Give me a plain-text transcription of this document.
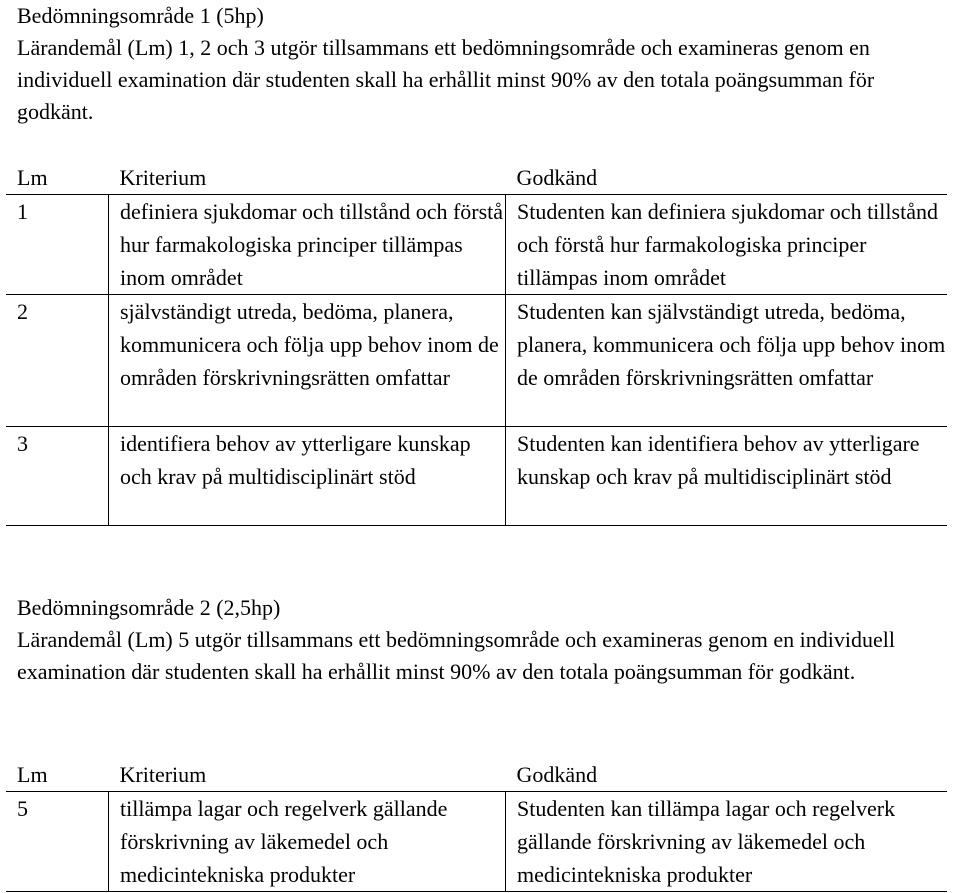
Bedömningsområde 1 (5hp)

Lärandemål (Lm) 1, 2 och 3 utgör tillsammans ett bedömningsområde och examineras genom en individuell examination där studenten skall ha erhållit minst 90% av den totala poängsumman för godkänt.

Lm	Kriterium	Godkänd
1	definiera sjukdomar och tillstånd och förstå hur farmakologiska principer tillämpas inom området	Studenten kan definiera sjukdomar och tillstånd och förstå hur farmakologiska principer tillämpas inom området
2	självständigt utreda, bedöma, planera, kommunicera och följa upp behov inom de områden förskrivningsrätten omfattar	Studenten kan självständigt utreda, bedöma, planera, kommunicera och följa upp behov inom de områden förskrivningsrätten omfattar
3	identifiera behov av ytterligare kunskap och krav på multidisciplinärt stöd	Studenten kan identifiera behov av ytterligare kunskap och krav på multidisciplinärt stöd

Bedömningsområde 2 (2,5hp)

Lärandemål (Lm) 5 utgör tillsammans ett bedömningsområde och examineras genom en individuell examination där studenten skall ha erhållit minst 90% av den totala poängsumman för godkänt.

Lm	Kriterium	Godkänd
5	tillämpa lagar och regelverk gällande förskrivning av läkemedel och medicintekniska produkter	Studenten kan tillämpa lagar och regelverk gällande förskrivning av läkemedel och medicintekniska produkter
